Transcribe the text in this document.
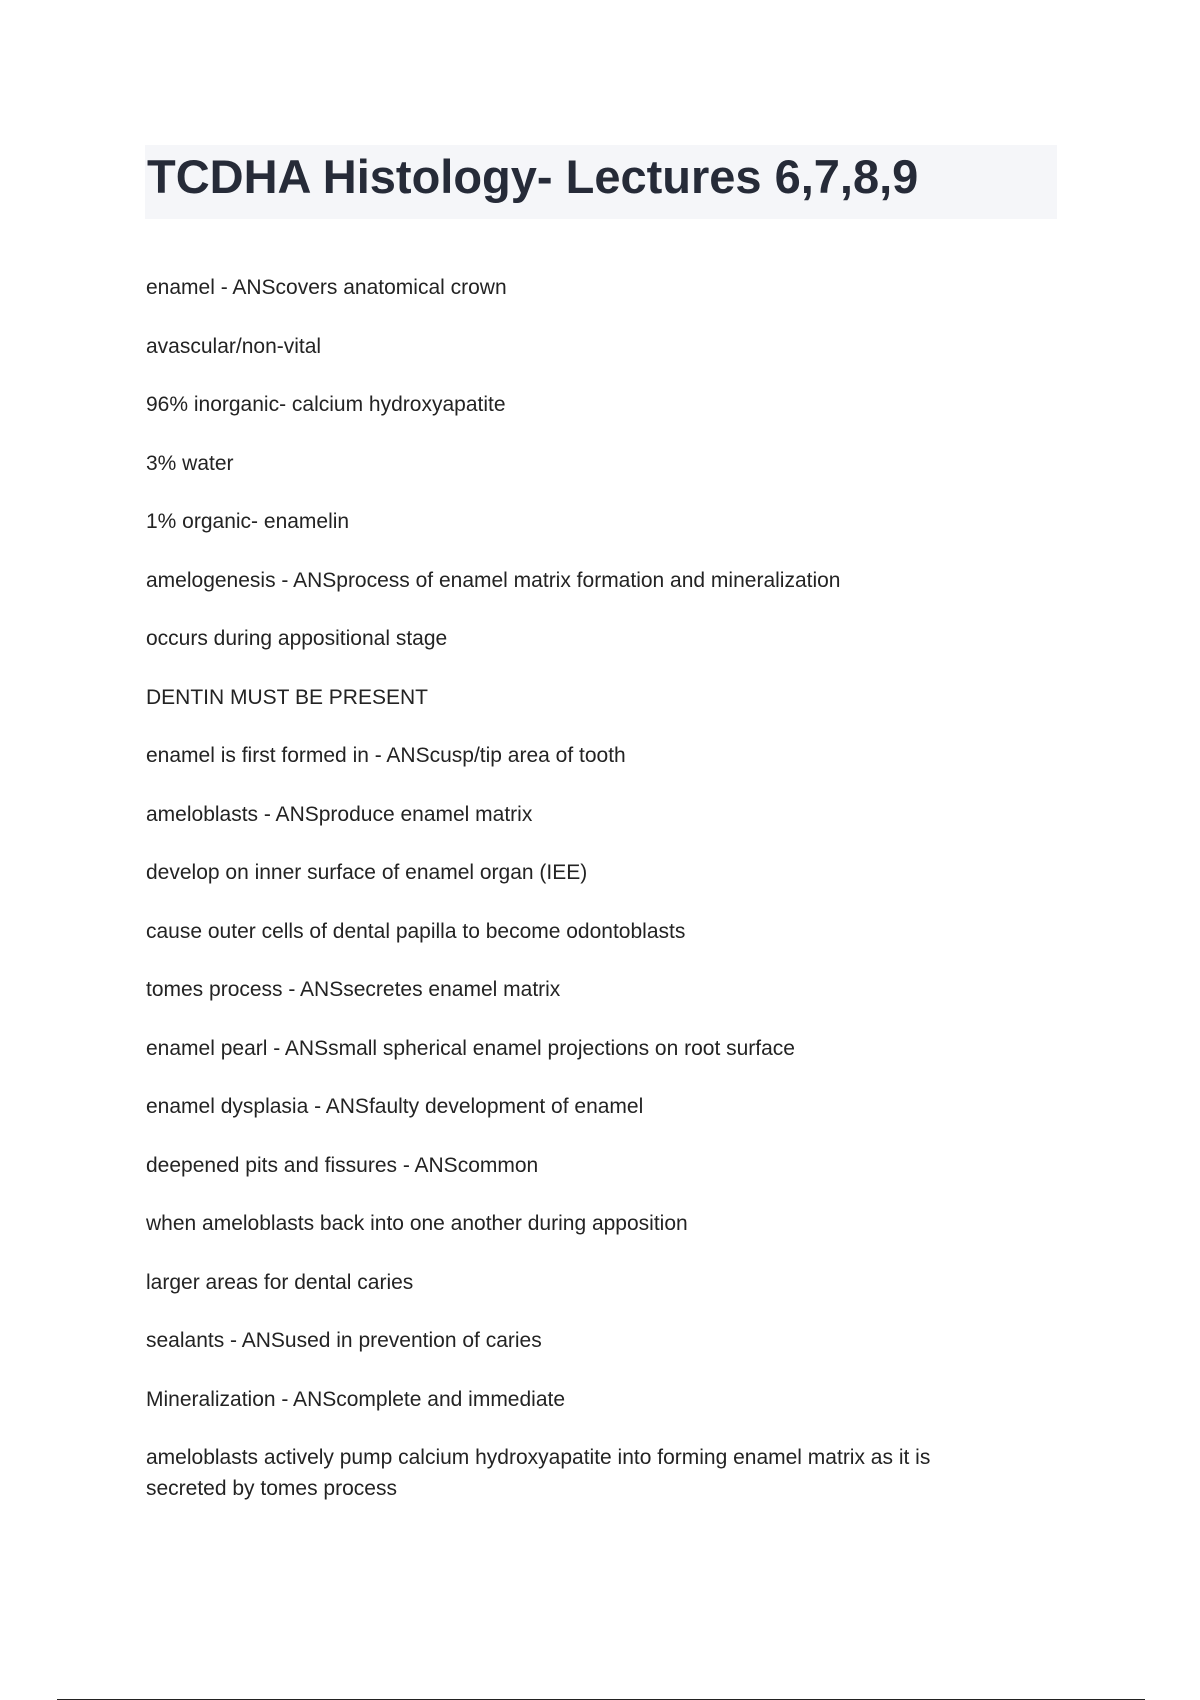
TCDHA Histology- Lectures 6,7,8,9

enamel - ANScovers anatomical crown

avascular/non-vital

96% inorganic- calcium hydroxyapatite

3% water

1% organic- enamelin

amelogenesis - ANSprocess of enamel matrix formation and mineralization

occurs during appositional stage

DENTIN MUST BE PRESENT

enamel is first formed in - ANScusp/tip area of tooth

ameloblasts - ANSproduce enamel matrix

develop on inner surface of enamel organ (IEE)

cause outer cells of dental papilla to become odontoblasts

tomes process - ANSsecretes enamel matrix

enamel pearl - ANSsmall spherical enamel projections on root surface

enamel dysplasia - ANSfaulty development of enamel

deepened pits and fissures - ANScommon

when ameloblasts back into one another during apposition

larger areas for dental caries

sealants - ANSused in prevention of caries

Mineralization - ANScomplete and immediate

ameloblasts actively pump calcium hydroxyapatite into forming enamel matrix as it is
secreted by tomes process
